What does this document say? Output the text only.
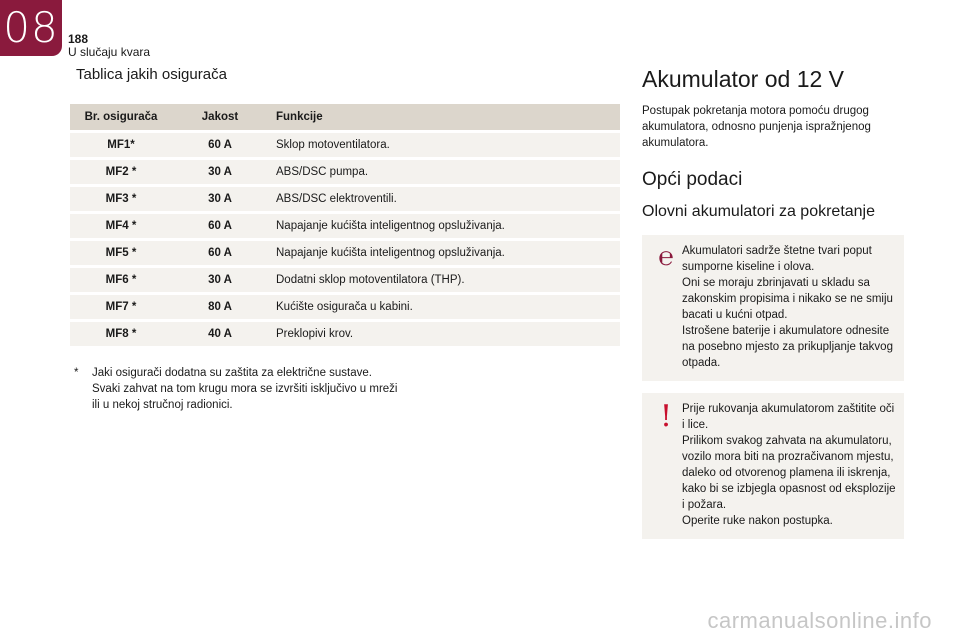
08 188
U slučaju kvara
Tablica jakih osigurača
Br. osigurača	Jakost	Funkcije
MF1*	60 A	Sklop motoventilatora.
MF2 *	30 A	ABS/DSC pumpa.
MF3 *	30 A	ABS/DSC elektroventili.
MF4 *	60 A	Napajanje kućišta inteligentnog opsluživanja.
MF5 *	60 A	Napajanje kućišta inteligentnog opsluživanja.
MF6 *	30 A	Dodatni sklop motoventilatora (THP).
MF7 *	80 A	Kućište osigurača u kabini.
MF8 *	40 A	Preklopivi krov.
*	Jaki osigurači dodatna su zaštita za električne sustave. Svaki zahvat na tom krugu mora se izvršiti isključivo u mreži ili u nekoj stručnoj radionici.
Akumulator od 12 V
Postupak pokretanja motora pomoću drugog akumulatora, odnosno punjenja ispražnjenog akumulatora.
Opći podaci
Olovni akumulatori za pokretanje
℮ Akumulatori sadrže štetne tvari poput sumporne kiseline i olova.
Oni se moraju zbrinjavati u skladu sa zakonskim propisima i nikako se ne smiju bacati u kućni otpad.
Istrošene baterije i akumulatore odnesite na posebno mjesto za prikupljanje takvog otpada.
! Prije rukovanja akumulatorom zaštitite oči i lice.
Prilikom svakog zahvata na akumulatoru, vozilo mora biti na prozračivanom mjestu, daleko od otvorenog plamena ili iskrenja, kako bi se izbjegla opasnost od eksplozije i požara.
Operite ruke nakon postupka.
carmanualsonline.info
